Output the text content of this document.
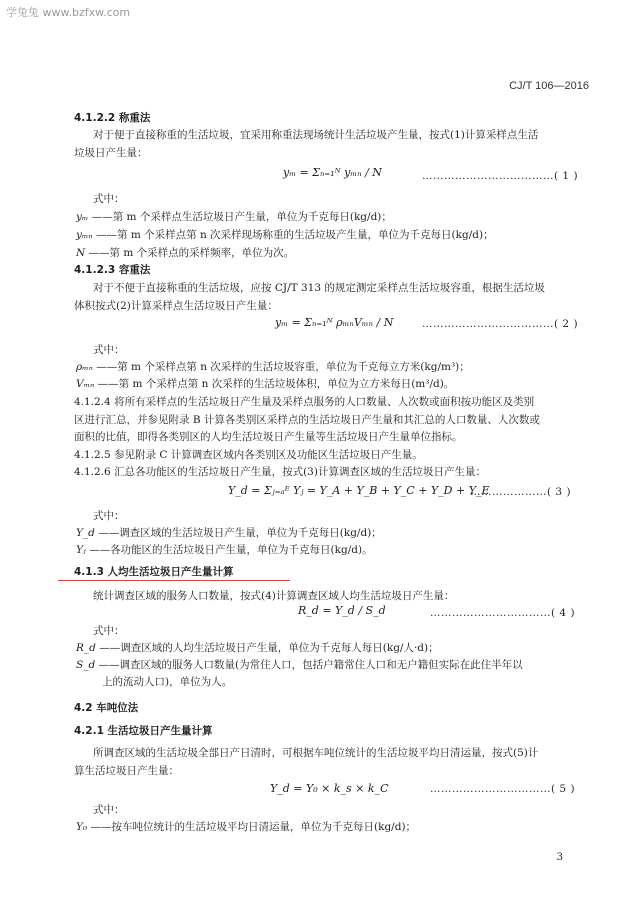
学兔兔 www.bzfxw.com
CJ/T 106—2016
4.1.2.2 称重法
对于便于直接称重的生活垃圾，宜采用称重法现场统计生活垃圾产生量，按式(1)计算采样点生活
垃圾日产生量：
yₘ = Σₙ₌₁ᴺ yₘₙ / N	………………………………( 1 )
式中：
yₘ ——第 m 个采样点生活垃圾日产生量，单位为千克每日(kg/d)；
yₘₙ ——第 m 个采样点第 n 次采样现场称重的生活垃圾产生量，单位为千克每日(kg/d)；
N ——第 m 个采样点的采样频率，单位为次。
4.1.2.3 容重法
对于不便于直接称重的生活垃圾，应按 CJ/T 313 的规定测定采样点生活垃圾容重，根据生活垃圾
体积按式(2)计算采样点生活垃圾日产生量：
yₘ = Σₙ₌₁ᴺ ρₘₙVₘₙ / N	………………………………( 2 )
式中：
ρₘₙ ——第 m 个采样点第 n 次采样的生活垃圾容重，单位为千克每立方米(kg/m³)；
Vₘₙ ——第 m 个采样点第 n 次采样的生活垃圾体积，单位为立方米每日(m³/d)。
4.1.2.4 将所有采样点的生活垃圾日产生量及采样点服务的人口数量、人次数或面积按功能区及类别
区进行汇总，并参见附录 B 计算各类别区采样点的生活垃圾日产生量和其汇总的人口数量、人次数或
面积的比值，即得各类别区的人均生活垃圾日产生量等生活垃圾日产生量单位指标。
4.1.2.5 参见附录 C 计算调查区域内各类别区及功能区生活垃圾日产生量。
4.1.2.6 汇总各功能区的生活垃圾日产生量，按式(3)计算调查区域的生活垃圾日产生量：
Y_d = Σⱼ₌ₐᴱ Yⱼ = Y_A + Y_B + Y_C + Y_D + Y_E
…………………( 3 )
式中：
Y_d ——调查区域的生活垃圾日产生量，单位为千克每日(kg/d)；
Yⱼ ——各功能区的生活垃圾日产生量，单位为千克每日(kg/d)。
4.1.3 人均生活垃圾日产生量计算
统计调查区域的服务人口数量，按式(4)计算调查区域人均生活垃圾日产生量：
R_d = Y_d / S_d	……………………………( 4 )
式中：
R_d ——调查区域的人均生活垃圾日产生量，单位为千克每人每日(kg/人·d)；
S_d ——调查区域的服务人口数量(为常住人口，包括户籍常住人口和无户籍但实际在此住半年以
上的流动人口)，单位为人。
4.2 车吨位法
4.2.1 生活垃圾日产生量计算
所调查区域的生活垃圾全部日产日清时，可根据车吨位统计的生活垃圾平均日清运量，按式(5)计
算生活垃圾日产生量：
Y_d = Y₀ × k_s × k_C	……………………………( 5 )
式中：
Y₀ ——按车吨位统计的生活垃圾平均日清运量，单位为千克每日(kg/d)；
3
